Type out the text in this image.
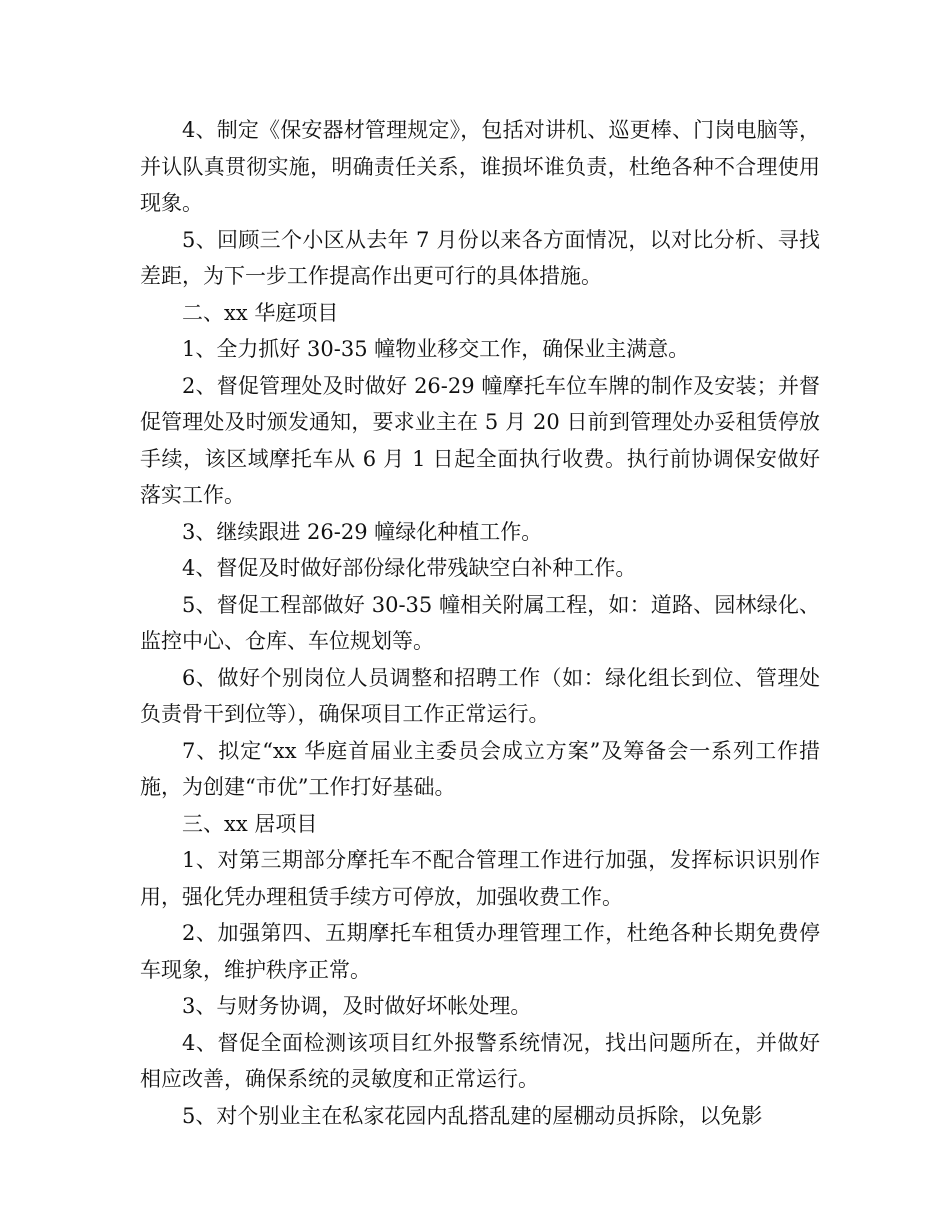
4、制定《保安器材管理规定》，包括对讲机、巡更棒、门岗电脑等，并认队真贯彻实施，明确责任关系，谁损坏谁负责，杜绝各种不合理使用现象。

5、回顾三个小区从去年 7 月份以来各方面情况，以对比分析、寻找差距，为下一步工作提高作出更可行的具体措施。

二、xx 华庭项目

1、全力抓好 30-35 幢物业移交工作，确保业主满意。

2、督促管理处及时做好 26-29 幢摩托车位车牌的制作及安装；并督促管理处及时颁发通知，要求业主在 5 月 20 日前到管理处办妥租赁停放手续，该区域摩托车从 6 月 1 日起全面执行收费。执行前协调保安做好落实工作。

3、继续跟进 26-29 幢绿化种植工作。

4、督促及时做好部份绿化带残缺空白补种工作。

5、督促工程部做好 30-35 幢相关附属工程，如：道路、园林绿化、监控中心、仓库、车位规划等。

6、做好个别岗位人员调整和招聘工作（如：绿化组长到位、管理处负责骨干到位等），确保项目工作正常运行。

7、拟定“xx 华庭首届业主委员会成立方案”及筹备会一系列工作措施，为创建“市优”工作打好基础。

三、xx 居项目

1、对第三期部分摩托车不配合管理工作进行加强，发挥标识识别作用，强化凭办理租赁手续方可停放，加强收费工作。

2、加强第四、五期摩托车租赁办理管理工作，杜绝各种长期免费停车现象，维护秩序正常。

3、与财务协调，及时做好坏帐处理。

4、督促全面检测该项目红外报警系统情况，找出问题所在，并做好相应改善，确保系统的灵敏度和正常运行。

5、对个别业主在私家花园内乱搭乱建的屋棚动员拆除，以免影
